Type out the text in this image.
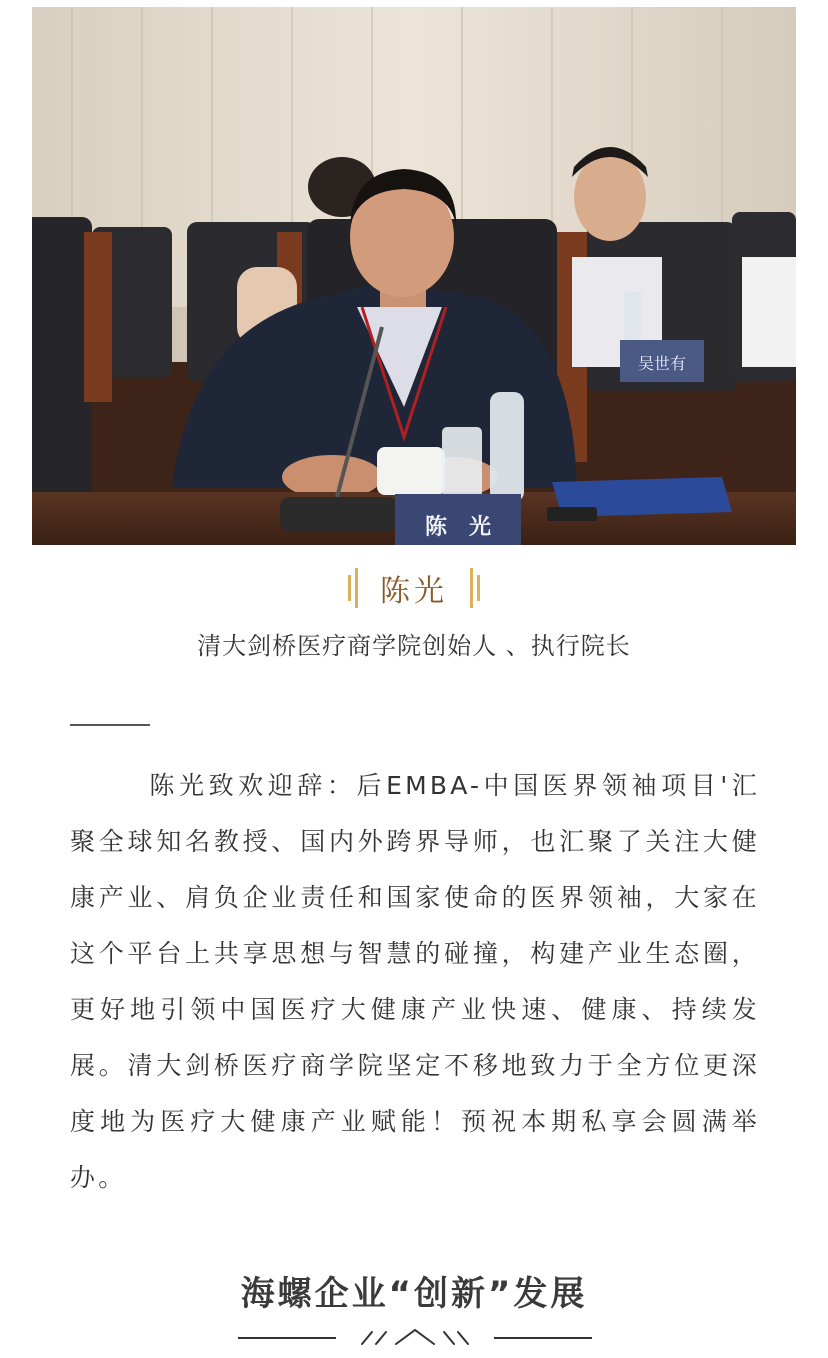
吴世有
陈　光
陈光
清大剑桥医疗商学院创始人 、执行院长
陈光致欢迎辞：后EMBA-中国医界领袖项目'汇聚全球知名教授、国内外跨界导师，也汇聚了关注大健康产业、肩负企业责任和国家使命的医界领袖，大家在这个平台上共享思想与智慧的碰撞，构建产业生态圈，更好地引领中国医疗大健康产业快速、健康、持续发展。清大剑桥医疗商学院坚定不移地致力于全方位更深度地为医疗大健康产业赋能！预祝本期私享会圆满举办。
海螺企业“创新”发展
